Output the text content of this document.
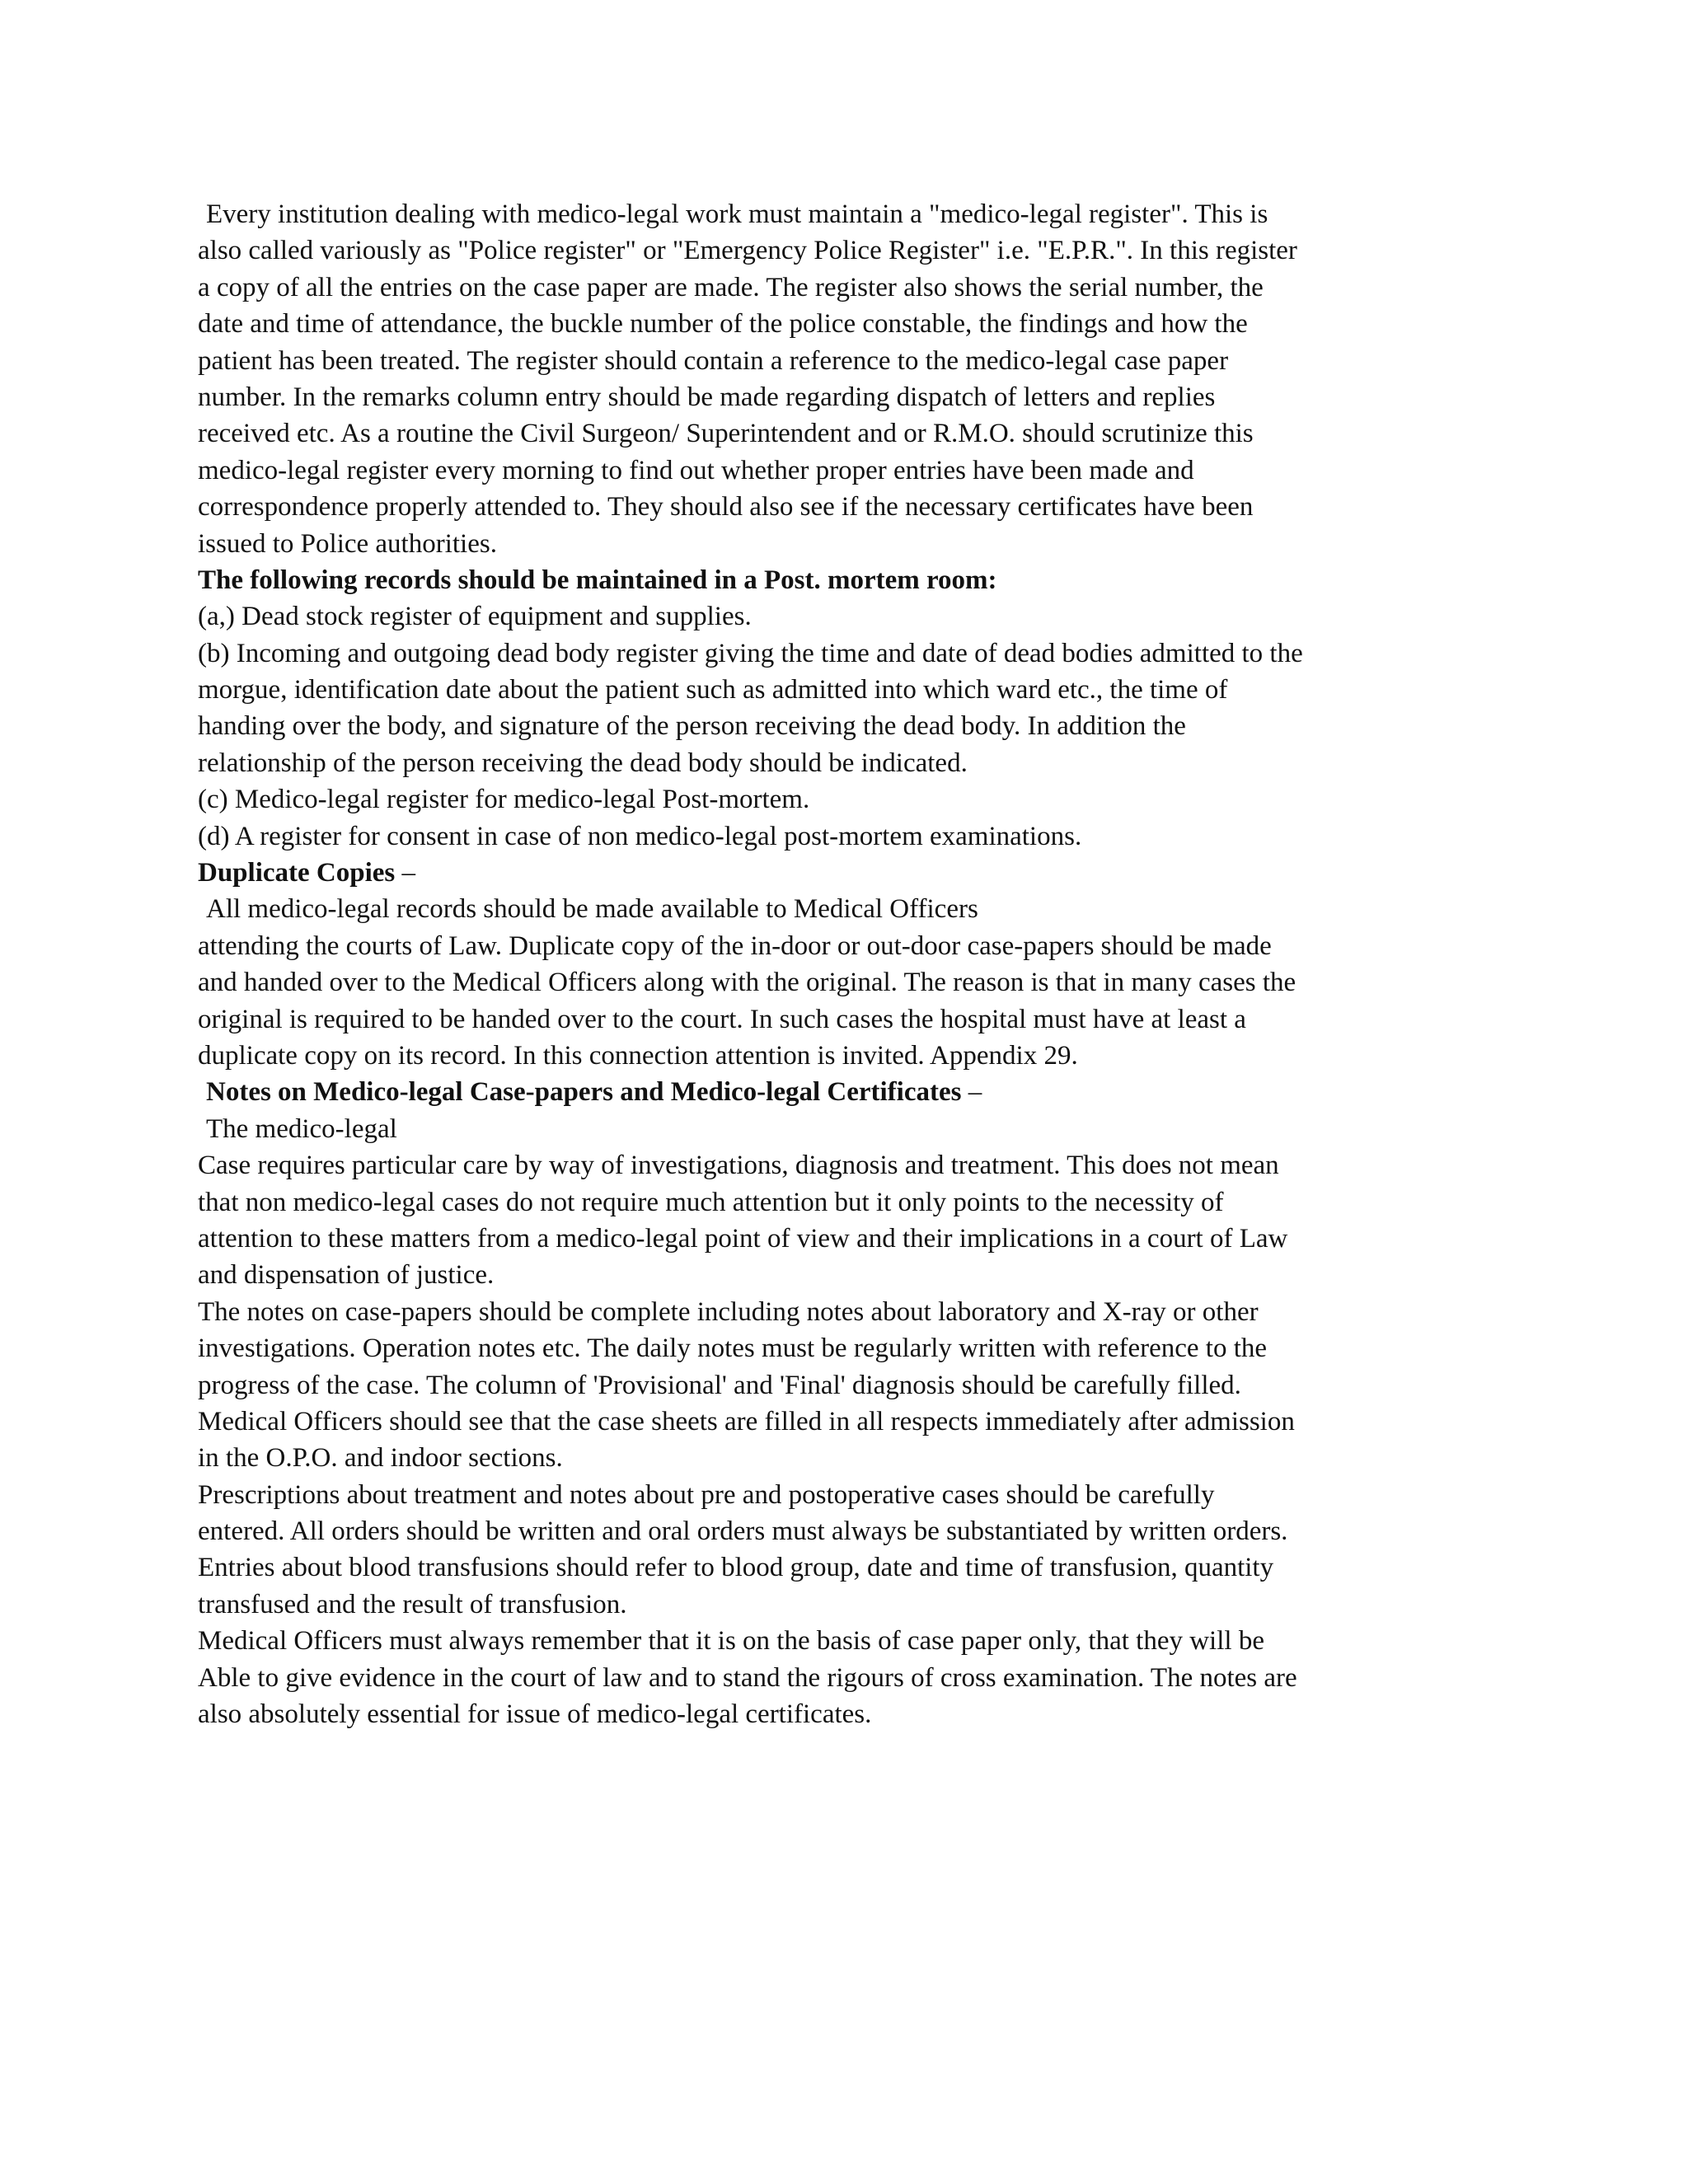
Every institution dealing with medico-legal work must maintain a "medico-legal register". This is
also called variously as "Police register" or "Emergency Police Register" i.e. "E.P.R.". In this register
a copy of all the entries on the case paper are made. The register also shows the serial number, the
date and time of attendance, the buckle number of the police constable, the findings and how the
patient has been treated. The register should contain a reference to the medico-legal case paper
number. In the remarks column entry should be made regarding dispatch of letters and replies
received etc. As a routine the Civil Surgeon/ Superintendent and or R.M.O. should scrutinize this
medico-legal register every morning to find out whether proper entries have been made and
correspondence properly attended to. They should also see if the necessary certificates have been
issued to Police authorities.
The following records should be maintained in a Post. mortem room:
(a,) Dead stock register of equipment and supplies.
(b) Incoming and outgoing dead body register giving the time and date of dead bodies admitted to the
morgue, identification date about the patient such as admitted into which ward etc., the time of
handing over the body, and signature of the person receiving the dead body. In addition the
relationship of the person receiving the dead body should be indicated.
(c) Medico-legal register for medico-legal Post-mortem.
(d) A register for consent in case of non medico-legal post-mortem examinations.
Duplicate Copies –
All medico-legal records should be made available to Medical Officers
attending the courts of Law. Duplicate copy of the in-door or out-door case-papers should be made
and handed over to the Medical Officers along with the original. The reason is that in many cases the
original is required to be handed over to the court. In such cases the hospital must have at least a
duplicate copy on its record. In this connection attention is invited. Appendix 29.
Notes on Medico-legal Case-papers and Medico-legal Certificates –
The medico-legal
Case requires particular care by way of investigations, diagnosis and treatment. This does not mean
that non medico-legal cases do not require much attention but it only points to the necessity of
attention to these matters from a medico-legal point of view and their implications in a court of Law
and dispensation of justice.
The notes on case-papers should be complete including notes about laboratory and X-ray or other
investigations. Operation notes etc. The daily notes must be regularly written with reference to the
progress of the case. The column of 'Provisional' and 'Final' diagnosis should be carefully filled.
Medical Officers should see that the case sheets are filled in all respects immediately after admission
in the O.P.O. and indoor sections.
Prescriptions about treatment and notes about pre and postoperative cases should be carefully
entered. All orders should be written and oral orders must always be substantiated by written orders.
Entries about blood transfusions should refer to blood group, date and time of transfusion, quantity
transfused and the result of transfusion.
Medical Officers must always remember that it is on the basis of case paper only, that they will be
Able to give evidence in the court of law and to stand the rigours of cross examination. The notes are
also absolutely essential for issue of medico-legal certificates.
